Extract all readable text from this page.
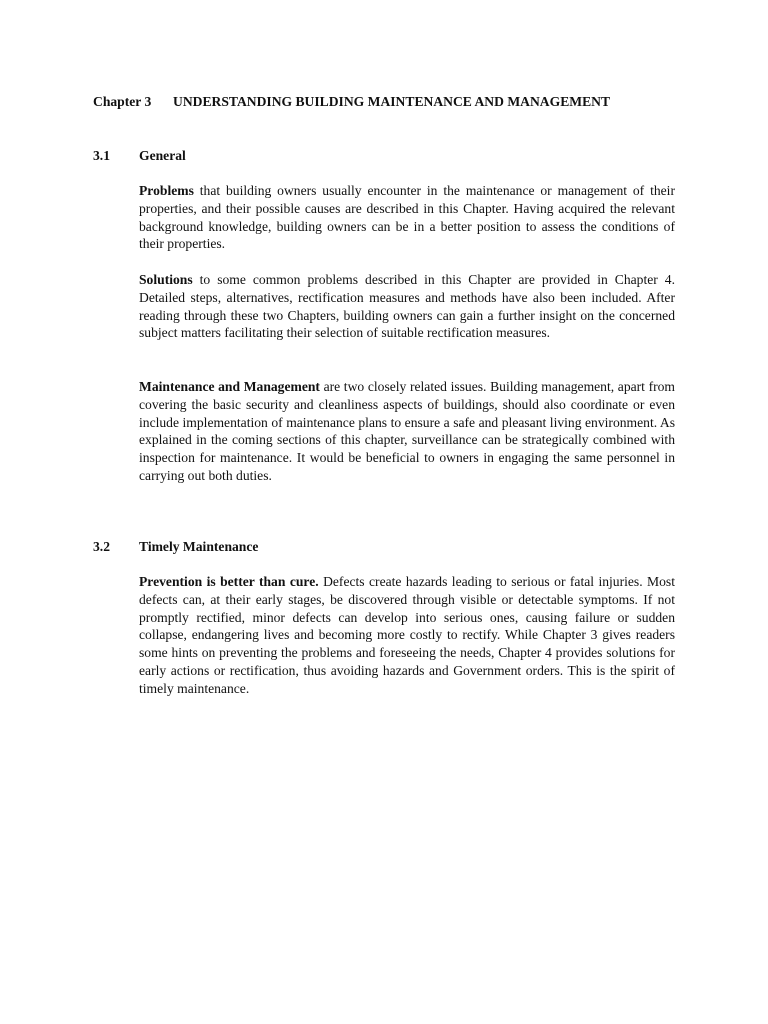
Chapter 3 UNDERSTANDING BUILDING MAINTENANCE AND MANAGEMENT
3.1 General

Problems that building owners usually encounter in the maintenance or management of their properties, and their possible causes are described in this Chapter. Having acquired the relevant background knowledge, building owners can be in a better position to assess the conditions of their properties.

Solutions to some common problems described in this Chapter are provided in Chapter 4. Detailed steps, alternatives, rectification measures and methods have also been included. After reading through these two Chapters, building owners can gain a further insight on the concerned subject matters facilitating their selection of suitable rectification measures.

Maintenance and Management are two closely related issues. Building management, apart from covering the basic security and cleanliness aspects of buildings, should also coordinate or even include implementation of maintenance plans to ensure a safe and pleasant living environment. As explained in the coming sections of this chapter, surveillance can be strategically combined with inspection for maintenance. It would be beneficial to owners in engaging the same personnel in carrying out both duties.

3.2 Timely Maintenance

Prevention is better than cure. Defects create hazards leading to serious or fatal injuries. Most defects can, at their early stages, be discovered through visible or detectable symptoms. If not promptly rectified, minor defects can develop into serious ones, causing failure or sudden collapse, endangering lives and becoming more costly to rectify. While Chapter 3 gives readers some hints on preventing the problems and foreseeing the needs, Chapter 4 provides solutions for early actions or rectification, thus avoiding hazards and Government orders. This is the spirit of timely maintenance.
